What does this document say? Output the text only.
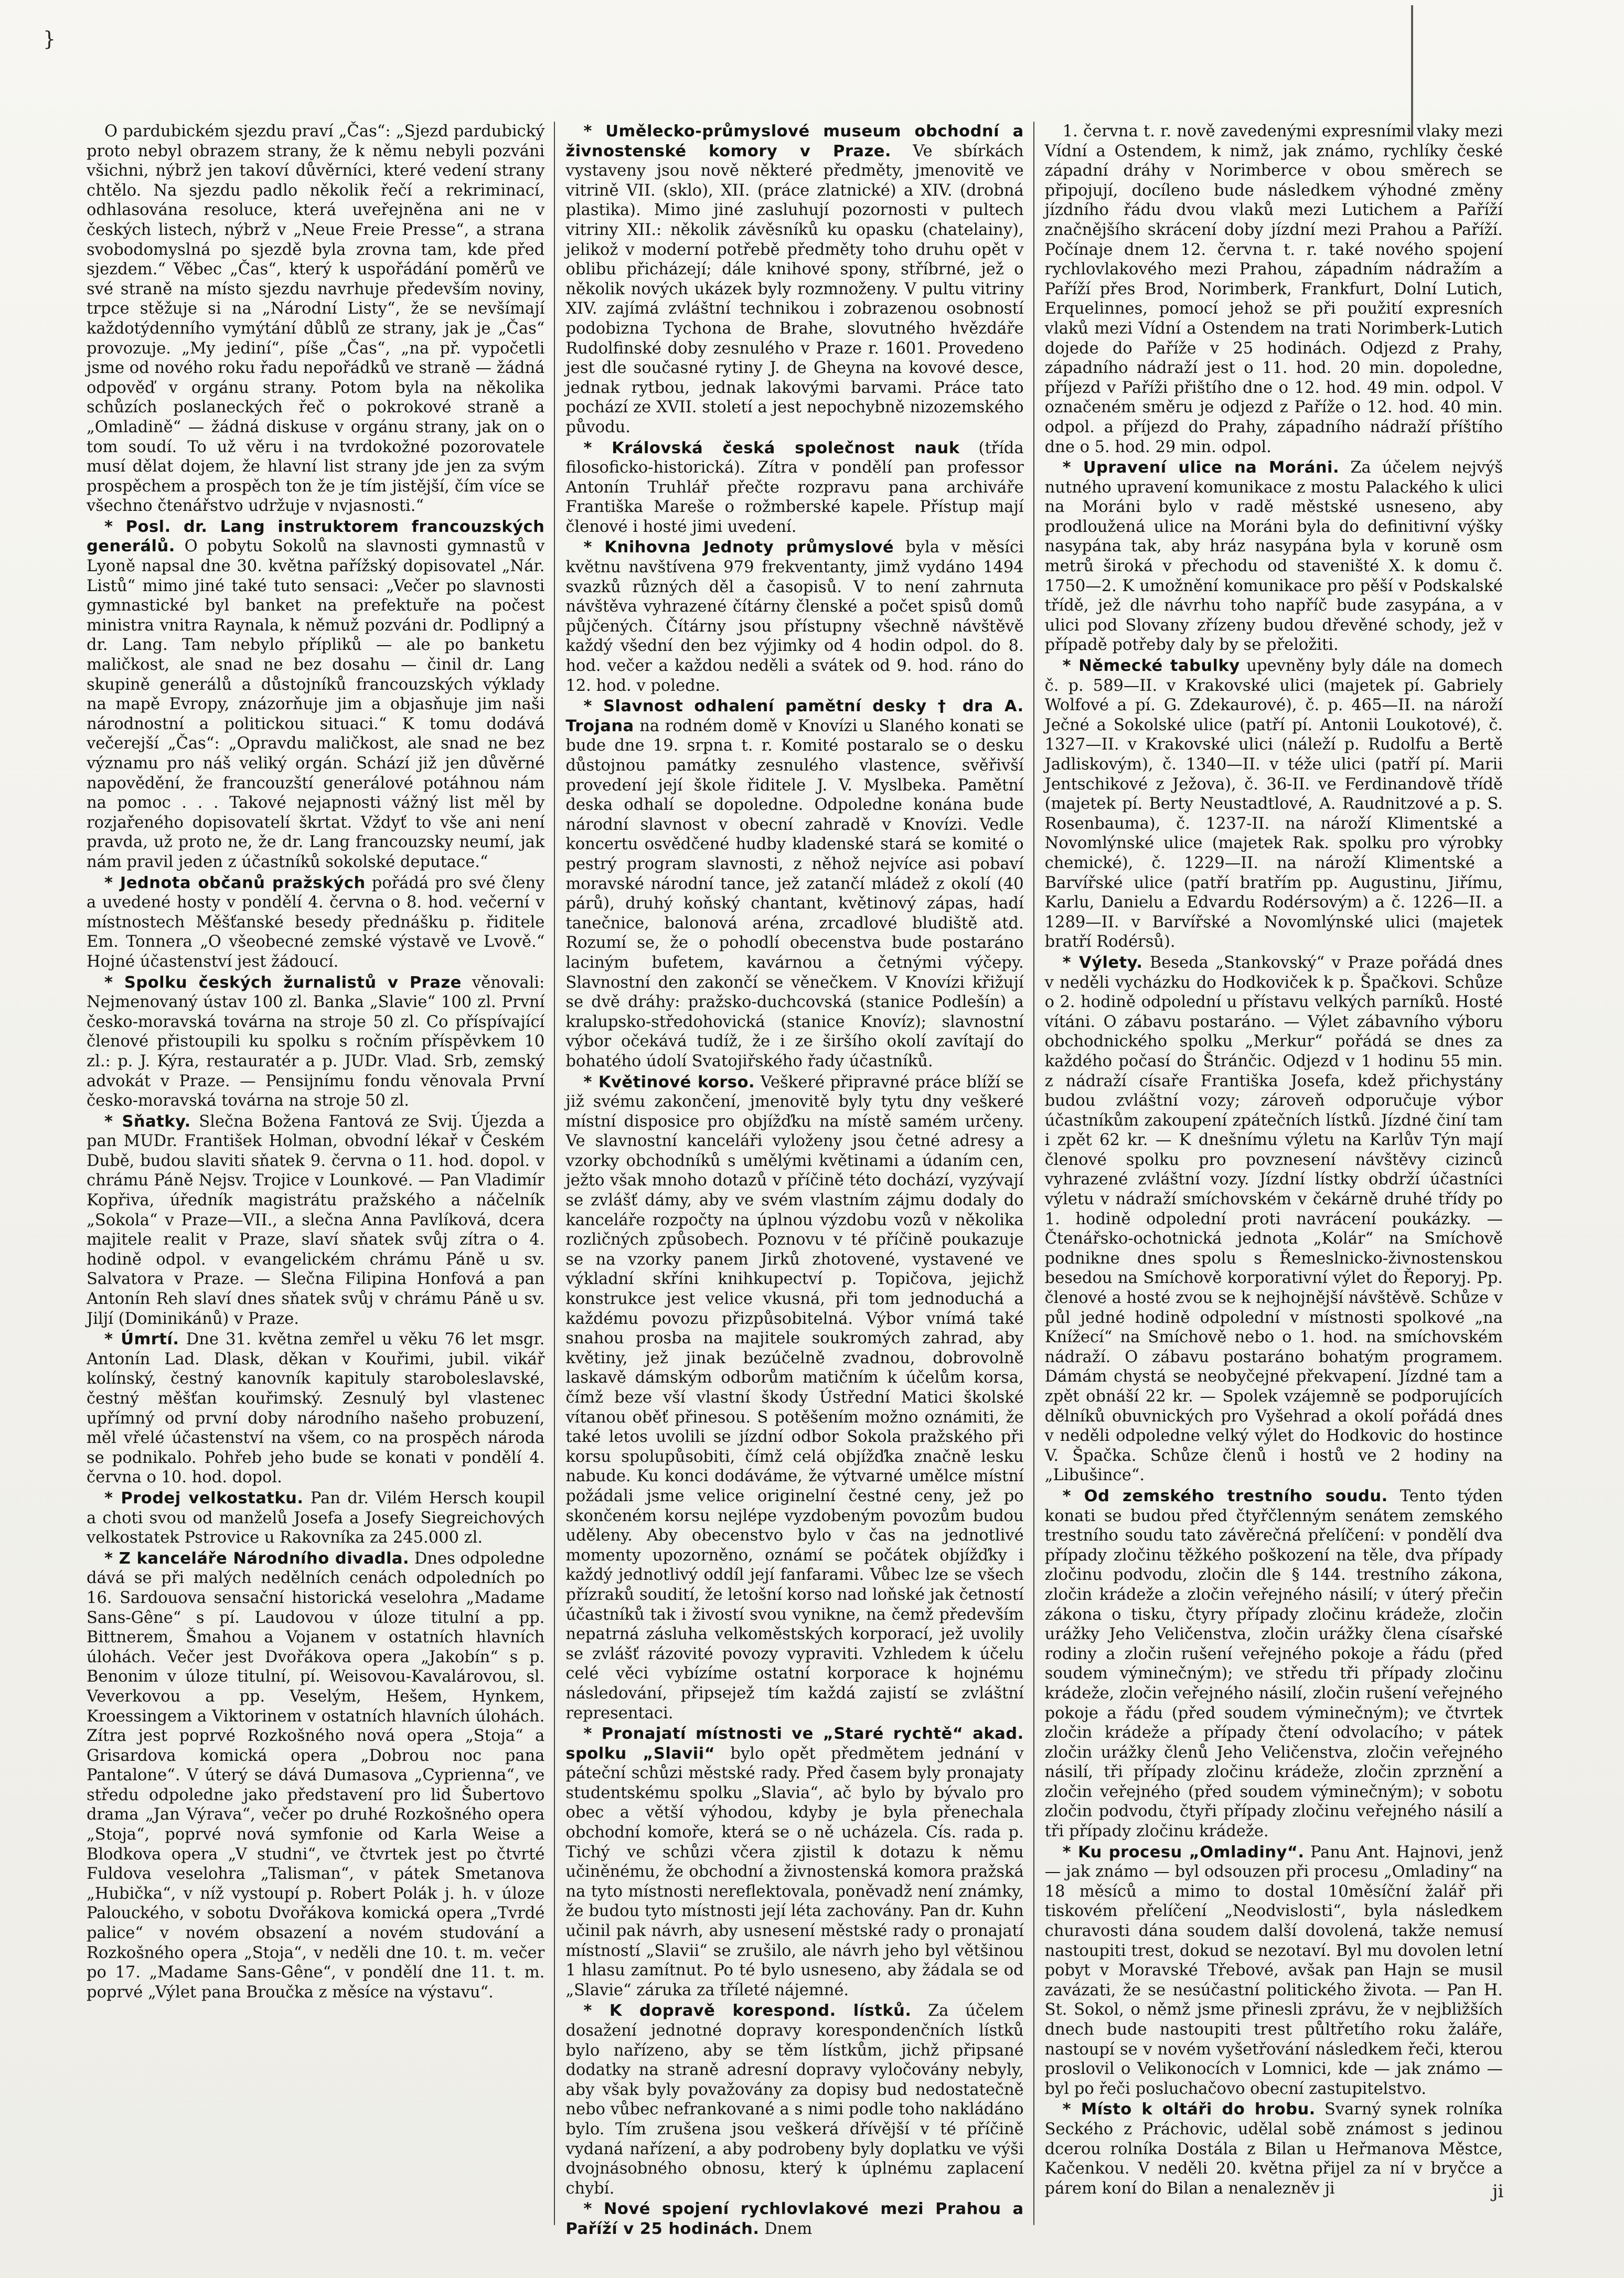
}

O pardubickém sjezdu praví „Čas“: „Sjezd pardubický proto nebyl obrazem strany, že k němu nebyli pozváni všichni, nýbrž jen takoví důvěrníci, které vedení strany chtělo. Na sjezdu padlo několik řečí a rekriminací, odhlasována resoluce, která uveřejněna ani ne v českých listech, nýbrž v „Neue Freie Presse“, a strana svobodomyslná po sjezdě byla zrovna tam, kde před sjezdem.“ Věbec „Čas“, který k uspořádání poměrů ve své straně na místo sjezdu navrhuje především noviny, trpce stěžuje si na „Národní Listy“, že se nevšímají každotýdenního vymýtání důblů ze strany, jak je „Čas“ provozuje. „My jediní“, píše „Čas“, „na př. vypočetli jsme od nového roku řadu nepořádků ve straně — žádná odpověď v orgánu strany. Potom byla na několika schůzích poslaneckých řeč o pokrokové straně a „Omladině“ — žádná diskuse v orgánu strany, jak on o tom soudí. To už věru i na tvrdokožné pozorovatele musí dělat dojem, že hlavní list strany jde jen za svým prospěchem a prospěch ton že je tím jistější, čím více se všechno čtenářstvo udržuje v nvjasnosti.“

* Posl. dr. Lang instruktorem francouzských generálů. O pobytu Sokolů na slavnosti gymnastů v Lyoně napsal dne 30. května pařížský dopisovatel „Nár. Listů“ mimo jiné také tuto sensaci: „Večer po slavnosti gymnastické byl banket na prefektuře na počest ministra vnitra Raynala, k němuž pozváni dr. Podlipný a dr. Lang. Tam nebylo přípliků — ale po banketu maličkost, ale snad ne bez dosahu — činil dr. Lang skupině generálů a důstojníků francouzských výklady na mapě Evropy, znázorňuje jim a objasňuje jim naši národnostní a politickou situaci.“ K tomu dodává večerejší „Čas“: „Opravdu maličkost, ale snad ne bez významu pro náš veliký orgán. Schází již jen důvěrné napovědění, že francouzští generálové potáhnou nám na pomoc . . . Takové nejapnosti vážný list měl by rozjařeného dopisovatelí škrtat. Vždyť to vše ani není pravda, už proto ne, že dr. Lang francouzsky neumí, jak nám pravil jeden z účastníků sokolské deputace.“

* Jednota občanů pražských pořádá pro své členy a uvedené hosty v pondělí 4. června o 8. hod. večerní v místnostech Měšťanské besedy přednášku p. řiditele Em. Tonnera „O všeobecné zemské výstavě ve Lvově.“ Hojné účastenství jest žádoucí.

* Spolku českých žurnalistů v Praze věnovali: Nejmenovaný ústav 100 zl. Banka „Slavie“ 100 zl. První česko-moravská továrna na stroje 50 zl. Co příspívající členové přistoupili ku spolku s ročním příspěvkem 10 zl.: p. J. Kýra, restauratér a p. JUDr. Vlad. Srb, zemský advokát v Praze. — Pensijnímu fondu věnovala První česko-moravská továrna na stroje 50 zl.

* Sňatky. Slečna Božena Fantová ze Svij. Újezda a pan MUDr. František Holman, obvodní lékař v Českém Dubě, budou slaviti sňatek 9. června o 11. hod. dopol. v chrámu Páně Nejsv. Trojice v Lounkové. — Pan Vladimír Kopřiva, úředník magistrátu pražského a náčelník „Sokola“ v Praze—VII., a slečna Anna Pavlíková, dcera majitele realit v Praze, slaví sňatek svůj zítra o 4. hodině odpol. v evangelickém chrámu Páně u sv. Salvatora v Praze. — Slečna Filipina Honfová a pan Antonín Reh slaví dnes sňatek svůj v chrámu Páně u sv. Jiljí (Dominikánů) v Praze.

* Úmrtí. Dne 31. května zemřel u věku 76 let msgr. Antonín Lad. Dlask, děkan v Kouřimi, jubil. vikář kolínský, čestný kanovník kapituly staroboleslavské, čestný měšťan kouřimský. Zesnulý byl vlastenec upřímný od první doby národního našeho probuzení, měl vřelé účastenství na všem, co na prospěch národa se podnikalo. Pohřeb jeho bude se konati v pondělí 4. června o 10. hod. dopol.

* Prodej velkostatku. Pan dr. Vilém Hersch koupil a choti svou od manželů Josefa a Josefy Siegreichových velkostatek Pstrovice u Rakovníka za 245.000 zl.

* Z kanceláře Národního divadla. Dnes odpoledne dává se při malých nedělních cenách odpoledních po 16. Sardouova sensační historická veselohra „Madame Sans-Gêne“ s pí. Laudovou v úloze titulní a pp. Bittnerem, Šmahou a Vojanem v ostatních hlavních úlohách. Večer jest Dvořákova opera „Jakobín“ s p. Benonim v úloze titulní, pí. Weisovou-Kavalárovou, sl. Veverkovou a pp. Veselým, Hešem, Hynkem, Kroessingem a Viktorinem v ostatních hlavních úlohách. Zítra jest poprvé Rozkošného nová opera „Stoja“ a Grisardova komická opera „Dobrou noc pana Pantalone“. V úterý se dává Dumasova „Cyprienna“, ve středu odpoledne jako představení pro lid Šubertovo drama „Jan Výrava“, večer po druhé Rozkošného opera „Stoja“, poprvé nová symfonie od Karla Weise a Blodkova opera „V studni“, ve čtvrtek jest po čtvrté Fuldova veselohra „Talisman“, v pátek Smetanova „Hubička“, v níž vystoupí p. Robert Polák j. h. v úloze Palouckého, v sobotu Dvořákova komická opera „Tvrdé palice“ v novém obsazení a novém studování a Rozkošného opera „Stoja“, v neděli dne 10. t. m. večer po 17. „Madame Sans-Gêne“, v pondělí dne 11. t. m. poprvé „Výlet pana Broučka z měsíce na výstavu“.

* Umělecko-průmyslové museum obchodní a živnostenské komory v Praze. Ve sbírkách vystaveny jsou nově některé předměty, jmenovitě ve vitrině VII. (sklo), XII. (práce zlatnické) a XIV. (drobná plastika). Mimo jiné zasluhují pozornosti v pultech vitriny XII.: několik závěsníků ku opasku (chatelainy), jelikož v moderní potřebě předměty toho druhu opět v oblibu přicházejí; dále knihové spony, stříbrné, jež o několik nových ukázek byly rozmnoženy. V pultu vitriny XIV. zajímá zvláštní technikou i zobrazenou osobností podobizna Tychona de Brahe, slovutného hvězdáře Rudolfinské doby zesnulého v Praze r. 1601. Provedeno jest dle současné rytiny J. de Gheyna na kovové desce, jednak rytbou, jednak lakovými barvami. Práce tato pochází ze XVII. století a jest nepochybně nizozemského původu.

* Královská česká společnost nauk (třída filosoficko-historická). Zítra v pondělí pan professor Antonín Truhlář přečte rozpravu pana archiváře Františka Mareše o rožmberské kapele. Přístup mají členové i hosté jimi uvedení.

* Knihovna Jednoty průmyslové byla v měsíci květnu navštívena 979 frekventanty, jimž vydáno 1494 svazků různých děl a časopisů. V to není zahrnuta návštěva vyhrazené čítárny členské a počet spisů domů půjčených. Čítárny jsou přístupny všechně návštěvě každý všední den bez výjimky od 4 hodin odpol. do 8. hod. večer a každou neděli a svátek od 9. hod. ráno do 12. hod. v poledne.

* Slavnost odhalení pamětní desky † dra A. Trojana na rodném domě v Knovízi u Slaného konati se bude dne 19. srpna t. r. Komité postaralo se o desku důstojnou památky zesnulého vlastence, svěřivší provedení její škole řiditele J. V. Myslbeka. Pamětní deska odhalí se dopoledne. Odpoledne konána bude národní slavnost v obecní zahradě v Knovízi. Vedle koncertu osvědčené hudby kladenské stará se komité o pestrý program slavnosti, z něhož nejvíce asi pobaví moravské národní tance, jež zatančí mládež z okolí (40 párů), druhý koňský chantant, květinový zápas, hadí tanečnice, balonová aréna, zrcadlové bludiště atd. Rozumí se, že o pohodlí obecenstva bude postaráno laciným bufetem, kavárnou a četnými výčepy. Slavnostní den zakončí se věnečkem. V Knovízi křižují se dvě dráhy: pražsko-duchcovská (stanice Podlešín) a kralupsko-středohovická (stanice Knovíz); slavnostní výbor očekává tudíž, že i ze širšího okolí zavítají do bohatého údolí Svatojiřského řady účastníků.

* Květinové korso. Veškeré připravné práce blíží se již svému zakončení, jmenovitě byly tytu dny veškeré místní disposice pro objížďku na místě samém určeny. Ve slavnostní kanceláři vyloženy jsou četné adresy a vzorky obchodníků s umělými květinami a údaním cen, ježto však mnoho dotazů v příčině této dochází, vyzývají se zvlášť dámy, aby ve svém vlastním zájmu dodaly do kanceláře rozpočty na úplnou výzdobu vozů v několika rozličných způsobech. Poznovu v té příčině poukazuje se na vzorky panem Jirků zhotovené, vystavené ve výkladní skříni knihkupectví p. Topičova, jejichž konstrukce jest velice vkusná, při tom jednoduchá a každému povozu přizpůsobitelná. Výbor vnímá také snahou prosba na majitele soukromých zahrad, aby květiny, jež jinak bezúčelně zvadnou, dobrovolně laskavě dámským odborům matičním k účelům korsa, čímž beze vší vlastní škody Ústřední Matici školské vítanou oběť přinesou. S potěšením možno oznámiti, že také letos uvolili se jízdní odbor Sokola pražského při korsu spolupůsobiti, čímž celá objížďka značně lesku nabude. Ku konci dodáváme, že výtvarné umělce místní požádali jsme velice originelní čestné ceny, jež po skončeném korsu nejlépe vyzdobeným povozům budou uděleny. Aby obecenstvo bylo v čas na jednotlivé momenty upozorněno, oznámí se počátek objížďky i každý jednotlivý oddíl její fanfarami. Vůbec lze se všech přízraků soudití, že letošní korso nad loňské jak četností účastníků tak i živostí svou vynikne, na čemž především nepatrná zásluha velkoměstských korporací, jež uvolily se zvlášť rázovité povozy vypraviti. Vzhledem k účelu celé věci vybízíme ostatní korporace k hojnému následování, připsejež tím každá zajistí se zvláštní representaci.

* Pronajatí místnosti ve „Staré rychtě“ akad. spolku „Slavii“ bylo opět předmětem jednání v páteční schůzi městské rady. Před časem byly pronajaty studentskému spolku „Slavia“, ač bylo by bývalo pro obec a větší výhodou, kdyby je byla přenechala obchodní komoře, která se o ně ucházela. Cís. rada p. Tichý ve schůzi včera zjistil k dotazu k němu učiněnému, že obchodní a živnostenská komora pražská na tyto místnosti nereflektovala, poněvadž není známky, že budou tyto místnosti její léta zachovány. Pan dr. Kuhn učinil pak návrh, aby usnesení městské rady o pronajatí místností „Slavii“ se zrušilo, ale návrh jeho byl většinou 1 hlasu zamítnut. Po té bylo usneseno, aby žádala se od „Slavie“ záruka za tříleté nájemné.

* K dopravě korespond. lístků. Za účelem dosažení jednotné dopravy korespondenčních lístků bylo nařízeno, aby se těm lístkům, jichž připsané dodatky na straně adresní dopravy vyločovány nebyly, aby však byly považovány za dopisy bud nedostatečně nebo vůbec nefrankované a s nimi podle toho nakládáno bylo. Tím zrušena jsou veškerá dřívější v té příčině vydaná nařízení, a aby podrobeny byly doplatku ve výši dvojnásobného obnosu, který k úplnému zaplacení chybí.

* Nové spojení rychlovlakové mezi Prahou a Paříží v 25 hodinách. Dnem

1. června t. r. nově zavedenými expresními vlaky mezi Vídní a Ostendem, k nimž, jak známo, rychlíky české západní dráhy v Norimberce v obou směrech se připojují, docíleno bude následkem výhodné změny jízdního řádu dvou vlaků mezi Lutichem a Paříží značnějšího skrácení doby jízdní mezi Prahou a Paříží. Počínaje dnem 12. června t. r. také nového spojení rychlovlakového mezi Prahou, západním nádražím a Paříží přes Brod, Norimberk, Frankfurt, Dolní Lutich, Erquelinnes, pomocí jehož se při použití expresních vlaků mezi Vídní a Ostendem na trati Norimberk-Lutich dojede do Paříže v 25 hodinách. Odjezd z Prahy, západního nádraží jest o 11. hod. 20 min. dopoledne, příjezd v Paříži přištího dne o 12. hod. 49 min. odpol. V označeném směru je odjezd z Paříže o 12. hod. 40 min. odpol. a příjezd do Prahy, západního nádraží příštího dne o 5. hod. 29 min. odpol.

* Upravení ulice na Moráni. Za účelem nejvýš nutného upravení komunikace z mostu Palackého k ulici na Moráni bylo v radě městské usneseno, aby prodloužená ulice na Moráni byla do definitivní výšky nasypána tak, aby hráz nasypána byla v koruně osm metrů široká v přechodu od staveništé X. k domu č. 1750—2. K umožnění komunikace pro pěší v Podskalské třídě, jež dle návrhu toho napříč bude zasypána, a v ulici pod Slovany zřízeny budou dřevěné schody, jež v případě potřeby daly by se přeložiti.

* Německé tabulky upevněny byly dále na domech č. p. 589—II. v Krakovské ulici (majetek pí. Gabriely Wolfové a pí. G. Zdekaurové), č. p. 465—II. na nároží Ječné a Sokolské ulice (patří pí. Antonii Loukotové), č. 1327—II. v Krakovské ulici (náleží p. Rudolfu a Bertě Jadliskovým), č. 1340—II. v téže ulici (patří pí. Marii Jentschikové z Ježova), č. 36-II. ve Ferdinandově třídě (majetek pí. Berty Neustadtlové, A. Raudnitzové a p. S. Rosenbauma), č. 1237-II. na nároží Klimentské a Novomlýnské ulice (majetek Rak. spolku pro výrobky chemické), č. 1229—II. na nároží Klimentské a Barvířské ulice (patří bratřím pp. Augustinu, Jiřímu, Karlu, Danielu a Edvardu Rodérsovým) a č. 1226—II. a 1289—II. v Barvířské a Novomlýnské ulici (majetek bratří Rodérsů).

* Výlety. Beseda „Stankovský“ v Praze pořádá dnes v neděli vycházku do Hodkoviček k p. Špačkovi. Schůze o 2. hodině odpolední u přístavu velkých parníků. Hosté vítáni. O zábavu postaráno. — Výlet zábavního výboru obchodnického spolku „Merkur“ pořádá se dnes za každého počasí do Štránčic. Odjezd v 1 hodinu 55 min. z nádraží císaře Františka Josefa, kdež přichystány budou zvláštní vozy; zároveň odporučuje výbor účastníkům zakoupení zpátečních lístků. Jízdné činí tam i zpět 62 kr. — K dnešnímu výletu na Karlův Týn mají členové spolku pro povznesení návštěvy cizinců vyhrazené zvláštní vozy. Jízdní lístky obdrží účastníci výletu v nádraží smíchovském v čekárně druhé třídy po 1. hodině odpolední proti navrácení poukázky. — Čtenářsko-ochotnická jednota „Kolár“ na Smíchově podnikne dnes spolu s Řemeslnicko-živnostenskou besedou na Smíchově korporativní výlet do Řeporyj. Pp. členové a hosté zvou se k nejhojnější návštěvě. Schůze v půl jedné hodině odpolední v místnosti spolkové „na Knížecí“ na Smíchově nebo o 1. hod. na smíchovském nádraží. O zábavu postaráno bohatým programem. Dámám chystá se neobyčejné překvapení. Jízdné tam a zpět obnáší 22 kr. — Spolek vzájemně se podporujících dělníků obuvnických pro Vyšehrad a okolí pořádá dnes v neděli odpoledne velký výlet do Hodkovic do hostince V. Špačka. Schůze členů i hostů ve 2 hodiny na „Libušince“.

* Od zemského trestního soudu. Tento týden konati se budou před čtyřčlenným senátem zemského trestního soudu tato závěrečná přelíčení: v pondělí dva případy zločinu těžkého poškození na těle, dva případy zločinu podvodu, zločin dle § 144. trestního zákona, zločin krádeže a zločin veřejného násilí; v úterý přečin zákona o tisku, čtyry případy zločinu krádeže, zločin urážky Jeho Veličenstva, zločin urážky člena císařské rodiny a zločin rušení veřejného pokoje a řádu (před soudem výminečným); ve středu tři případy zločinu krádeže, zločin veřejného násilí, zločin rušení veřejného pokoje a řádu (před soudem výminečným); ve čtvrtek zločin krádeže a případy čtení odvolacího; v pátek zločin urážky členů Jeho Veličenstva, zločin veřejného násilí, tři případy zločinu krádeže, zločin zprznění a zločin veřejného (před soudem výminečným); v sobotu zločin podvodu, čtyři případy zločinu veřejného násilí a tři případy zločinu krádeže.

* Ku procesu „Omladiny“. Panu Ant. Hajnovi, jenž — jak známo — byl odsouzen při procesu „Omladiny“ na 18 měsíců a mimo to dostal 10měsíční žalář při tiskovém přelíčení „Neodvislosti“, byla následkem churavosti dána soudem další dovolená, takže nemusí nastoupiti trest, dokud se nezotaví. Byl mu dovolen letní pobyt v Moravské Třebové, avšak pan Hajn se musil zavázati, že se nesúčastní politického života. — Pan H. St. Sokol, o němž jsme přinesli zprávu, že v nejbližších dnech bude nastoupiti trest půltřetího roku žaláře, nastoupí se v novém vyšetřování následkem řeči, kterou proslovil o Velikonocích v Lomnici, kde — jak známo — byl po řeči posluchačovo obecní zastupitelstvo.

* Místo k oltáři do hrobu. Svarný synek rolníka Seckého z Práchovic, udělal sobě známost s jedinou dcerou rolníka Dostála z Bilan u Heřmanova Městce, Kačenkou. V neděli 20. května přijel za ní v bryčce a párem koní do Bilan a nenalezněv ji	ji
